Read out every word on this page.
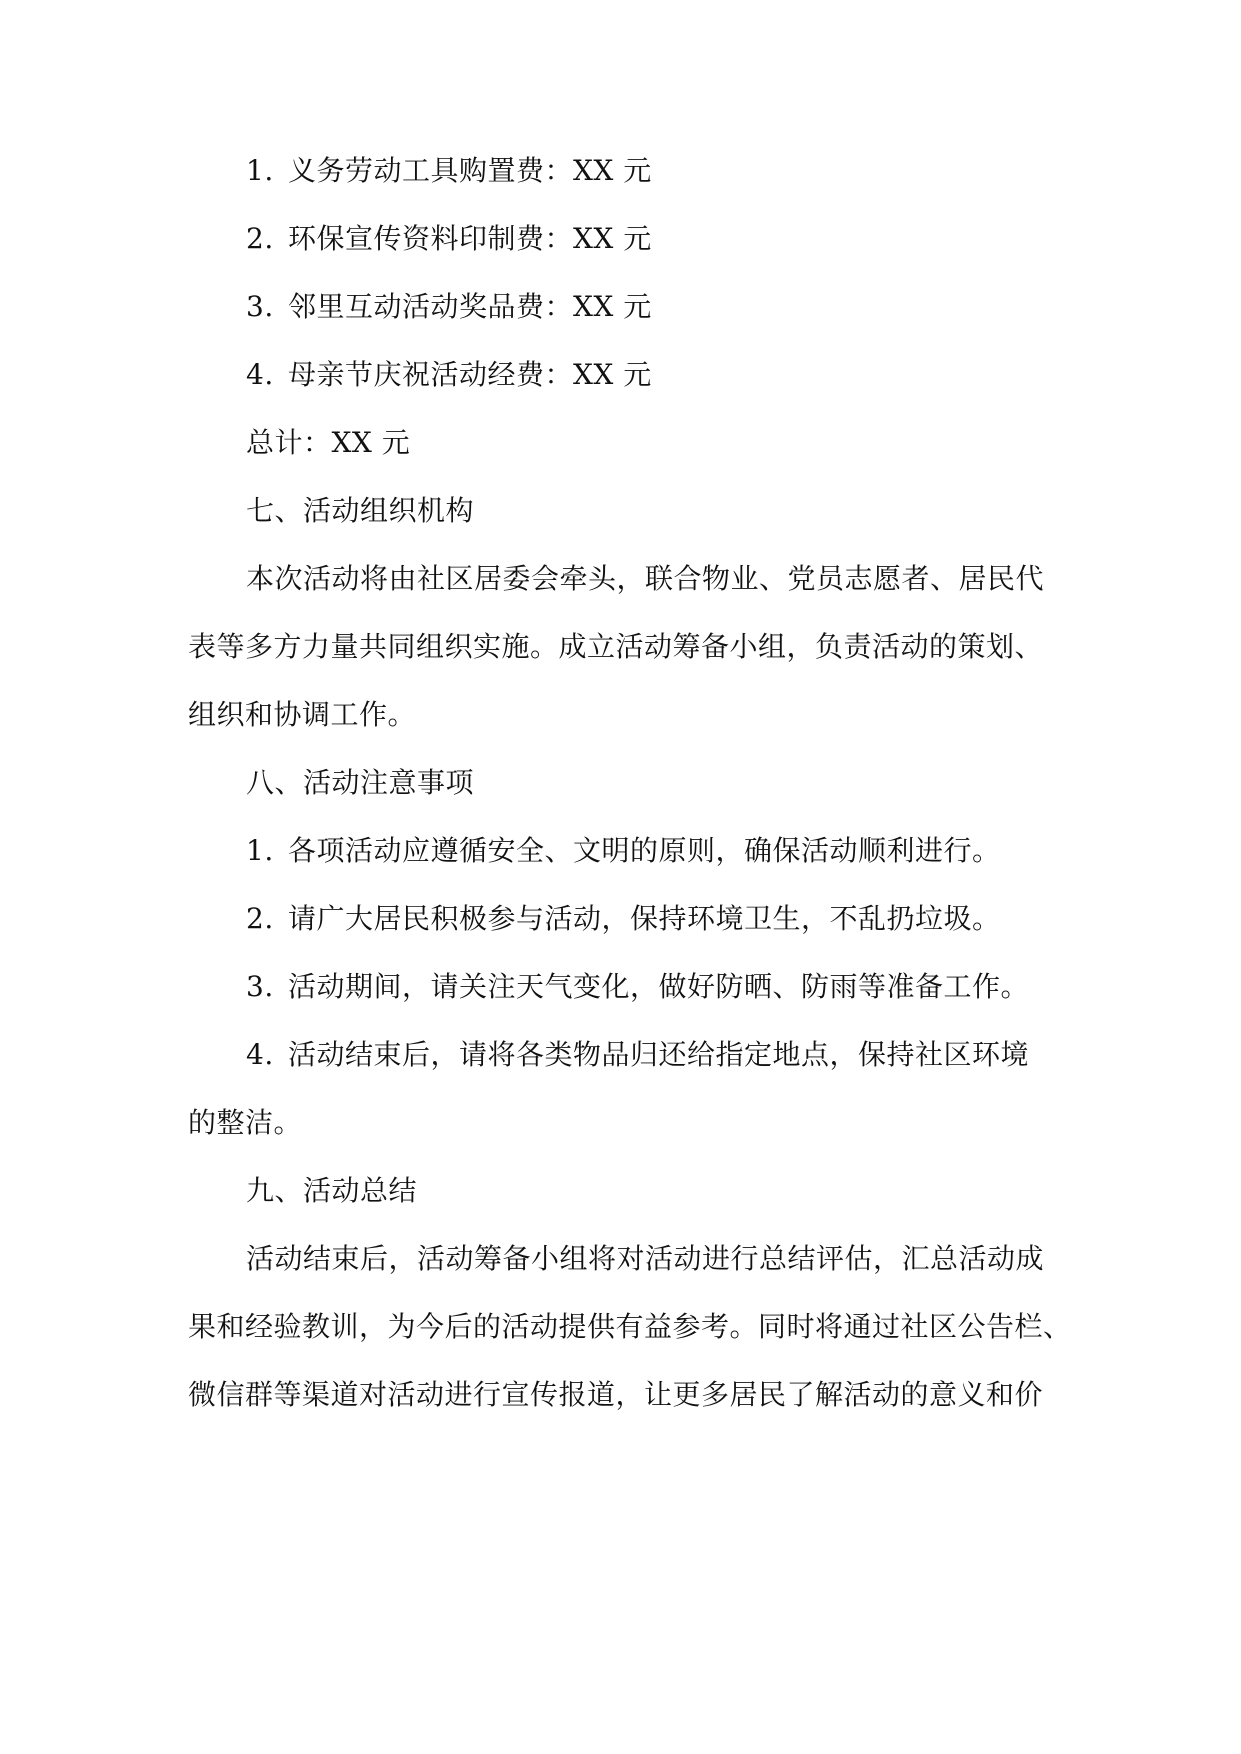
1. 义务劳动工具购置费：XX 元
2. 环保宣传资料印制费：XX 元
3. 邻里互动活动奖品费：XX 元
4. 母亲节庆祝活动经费：XX 元
总计：XX 元
七、活动组织机构
本次活动将由社区居委会牵头，联合物业、党员志愿者、居民代
表等多方力量共同组织实施。成立活动筹备小组，负责活动的策划、
组织和协调工作。
八、活动注意事项
1. 各项活动应遵循安全、文明的原则，确保活动顺利进行。
2. 请广大居民积极参与活动，保持环境卫生，不乱扔垃圾。
3. 活动期间，请关注天气变化，做好防晒、防雨等准备工作。
4. 活动结束后，请将各类物品归还给指定地点，保持社区环境
的整洁。
九、活动总结
活动结束后，活动筹备小组将对活动进行总结评估，汇总活动成
果和经验教训，为今后的活动提供有益参考。同时将通过社区公告栏、
微信群等渠道对活动进行宣传报道，让更多居民了解活动的意义和价
